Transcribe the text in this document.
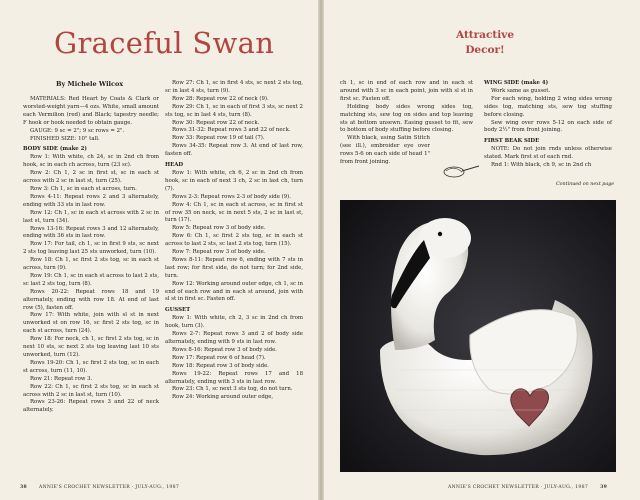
Graceful Swan
By Michele Wilcox

MATERIALS: Red Heart by Coats & Clark or worsted-weight yarn—4 ozs. White, small amount each Vermilion (red) and Black; tapestry needle; F hook or hook needed to obtain gauge.

GAUGE: 9 sc = 2"; 9 sc rows = 2".

FINISHED SIZE: 10" tall.

BODY SIDE (make 2)

Row 1: With white, ch 24, sc in 2nd ch from hook, sc in each ch across, turn (23 sc).

Row 2: Ch 1, 2 sc in first st, sc in each st across with 2 sc in last st, turn (25).

Row 3: Ch 1, sc in each st across, turn.

Rows 4-11: Repeat rows 2 and 3 alternately, ending with 33 sts in last row.

Row 12: Ch 1, sc in each st across with 2 sc in last st, turn (34).

Rows 13-16: Repeat rows 3 and 12 alternately, ending with 36 sts in last row.

Row 17: For tail, ch 1, sc in first 9 sts, sc next 2 sts tog leaving last 25 sts unworked, turn (10).

Row 18: Ch 1, sc first 2 sts tog, sc in each st across, turn (9).

Row 19: Ch 1, sc in each st across to last 2 sts, sc last 2 sts tog, turn (8).

Rows 20-22: Repeat rows 18 and 19 alternately, ending with row 18. At end of last row (5), fasten off.

Row 17: With white, join with sl st in next unworked st on row 16, sc first 2 sts tog, sc in each st across, turn (24).

Row 18: For neck, ch 1, sc first 2 sts tog, sc in next 10 sts, sc next 2 sts tog leaving last 10 sts unworked, turn (12).

Rows 19-20: Ch 1, sc first 2 sts tog, sc in each st across, turn (11, 10).

Row 21: Repeat row 3.

Row 22: Ch 1, sc first 2 sts tog, sc in each st across with 2 sc in last st, turn (10).

Rows 23-26: Repeat rows 3 and 22 of neck alternately.

Row 27: Ch 1, sc in first 4 sts, sc next 2 sts tog, sc in last 4 sts, turn (9).

Row 28: Repeat row 22 of neck (9).

Row 29: Ch 1, sc in each of first 3 sts, sc next 2 sts tog, sc in last 4 sts, turn (8).

Row 30: Repeat row 22 of neck.

Rows 31-32: Repeat rows 3 and 22 of neck.

Row 33: Repeat row 19 of tail (7).

Rows 34-35: Repeat row 3. At end of last row, fasten off.

HEAD

Row 1: With white, ch 6, 2 sc in 2nd ch from hook, sc in each of next 3 ch, 2 sc in last ch, turn (7).

Rows 2-3: Repeat rows 2-3 of body side (9).

Row 4: Ch 1, sc in each st across, sc in first st of row 35 on neck, sc in next 5 sts, 2 sc in last st, turn (17).

Row 5: Repeat row 3 of body side.

Row 6: Ch 1, sc first 2 sts tog, sc in each st across to last 2 sts, sc last 2 sts tog, turn (15).

Row 7: Repeat row 3 of body side.

Rows 8-11: Repeat row 6, ending with 7 sts in last row; for first side, do not turn; for 2nd side, turn.

Row 12: Working around outer edge, ch 1, sc in end of each row and in each st around, join with sl st in first sc. Fasten off.

GUSSET

Row 1: With white, ch 2, 3 sc in 2nd ch from hook, turn (3).

Rows 2-7: Repeat rows 3 and 2 of body side alternately, ending with 9 sts in last row.

Rows 8-16: Repeat row 3 of body side.

Row 17: Repeat row 6 of head (7).

Row 18: Repeat row 3 of body side.

Rows 19-22: Repeat rows 17 and 18 alternately, ending with 3 sts in last row.

Row 23: Ch 1, sc next 3 sts tog, do not turn.

Row 24: Working around outer edge,

38	ANNIE'S CROCHET NEWSLETTER · JULY-AUG., 1987
Attractive
Decor!

ch 1, sc in end of each row and in each st around with 3 sc in each point, join with sl st in first sc. Fasten off.

Holding body sides wrong sides tog, matching sts, sew tog on sides and top leaving sts at bottom unsewn. Easing gusset to fit, sew to bottom of body stuffing before closing.

With black, using Satin Stitch (see ill.), embroider eye over rows 5-6 on each side of head 1" from front joining.

WING SIDE (make 4)

Work same as gusset.

For each wing, holding 2 wing sides wrong sides tog, matching sts, sew tog stuffing before closing.

Sew wing over rows 5-12 on each side of body 2½" from front joining.

FIRST BEAK SIDE

NOTE: Do not join rnds unless otherwise stated. Mark first st of each rnd.

Rnd 1: With black, ch 9, sc in 2nd ch

Continued on next page
ANNIE'S CROCHET NEWSLETTER · JULY-AUG., 1987	39
